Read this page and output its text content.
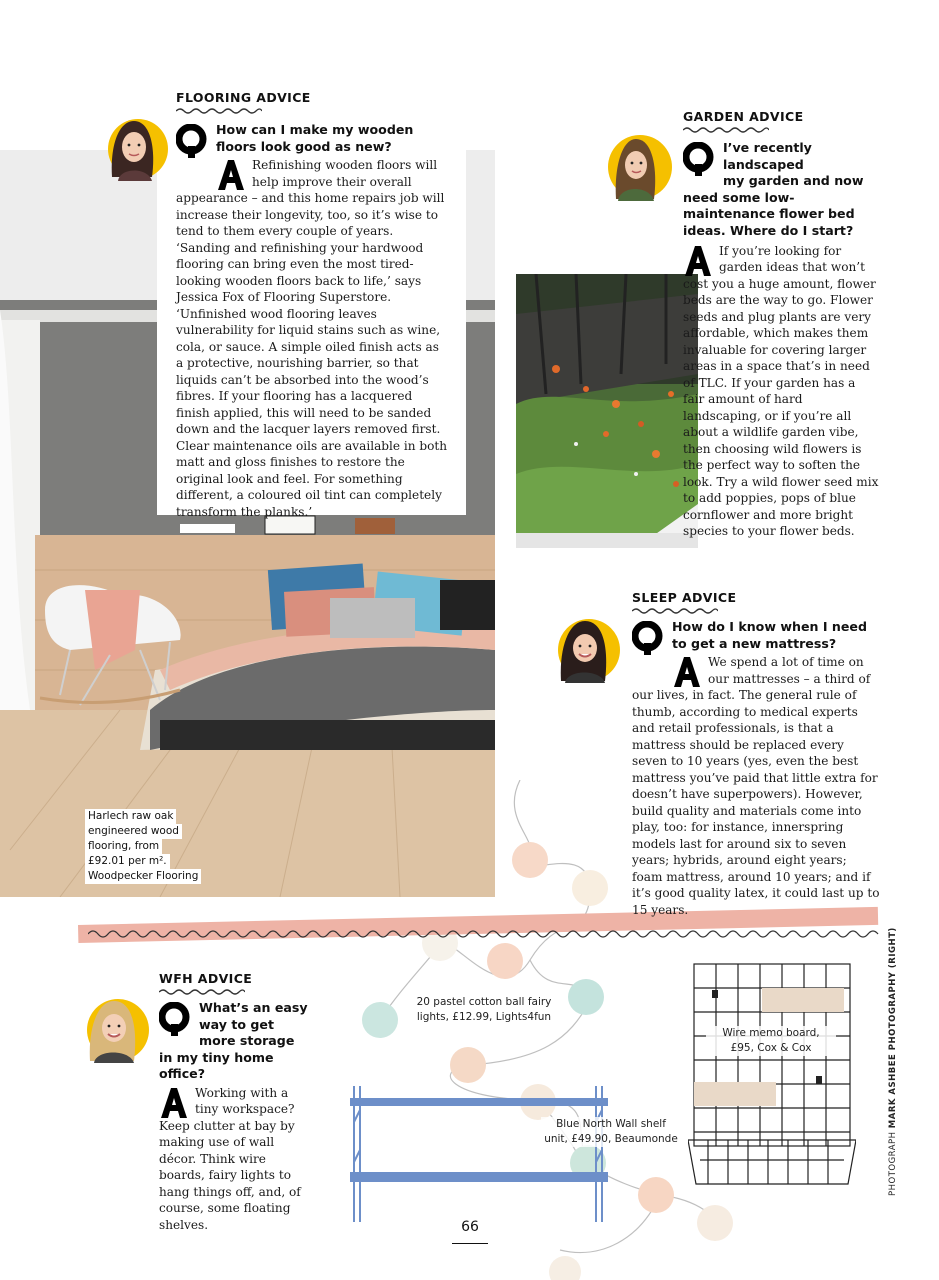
FLOORING ADVICE

How can I make my wooden
floors look good as new?

Refinishing wooden floors will help improve their overall appearance – and this home repairs job will increase their longevity, too, so it’s wise to tend to them every couple of years. ‘Sanding and refinishing your hardwood flooring can bring even the most tired-looking wooden floors back to life,’ says Jessica Fox of Flooring Superstore. ‘Unfinished wood flooring leaves vulnerability for liquid stains such as wine, cola, or sauce. A simple oiled finish acts as a protective, nourishing barrier, so that liquids can’t be absorbed into the wood’s fibres. If your flooring has a lacquered finish applied, this will need to be sanded down and the lacquer layers removed first. Clear maintenance oils are available in both matt and gloss finishes to restore the original look and feel. For something different, a coloured oil tint can completely transform the planks.’

GARDEN ADVICE

I’ve recently landscaped
my garden and now need some low-maintenance flower bed ideas. Where do I start?

If you’re looking for garden ideas that won’t cost you a huge amount, flower beds are the way to go. Flower seeds and plug plants are very affordable, which makes them invaluable for covering larger areas in a space that’s in need of TLC. If your garden has a fair amount of hard landscaping, or if you’re all about a wildlife garden vibe, then choosing wild flowers is the perfect way to soften the look. Try a wild flower seed mix to add poppies, pops of blue cornflower and more bright species to your flower beds.

SLEEP ADVICE

How do I know when I need
to get a new mattress?

We spend a lot of time on our mattresses – a third of our lives, in fact. The general rule of thumb, according to medical experts and retail professionals, is that a mattress should be replaced every seven to 10 years (yes, even the best mattress you’ve paid that little extra for doesn’t have superpowers). However, build quality and materials come into play, too: for instance, innerspring models last for around six to seven years; hybrids, around eight years; foam mattress, around 10 years; and if it’s good quality latex, it could last up to 15 years.

WFH ADVICE

What’s an easy
way to get more storage in my tiny home office?

Working with a tiny workspace? Keep clutter at bay by making use of wall décor. Think wire boards, fairy lights to hang things off, and, of course, some floating shelves.

Harlech raw oak
engineered wood
flooring, from
£92.01 per m².
Woodpecker Flooring
20 pastel cotton ball fairy
lights, £12.99, Lights4fun
Wire memo board,
£95, Cox & Cox
Blue North Wall shelf
unit, £49.90, Beaumonde
66
PHOTOGRAPH MARK ASHBEE PHOTOGRAPHY (RIGHT)
